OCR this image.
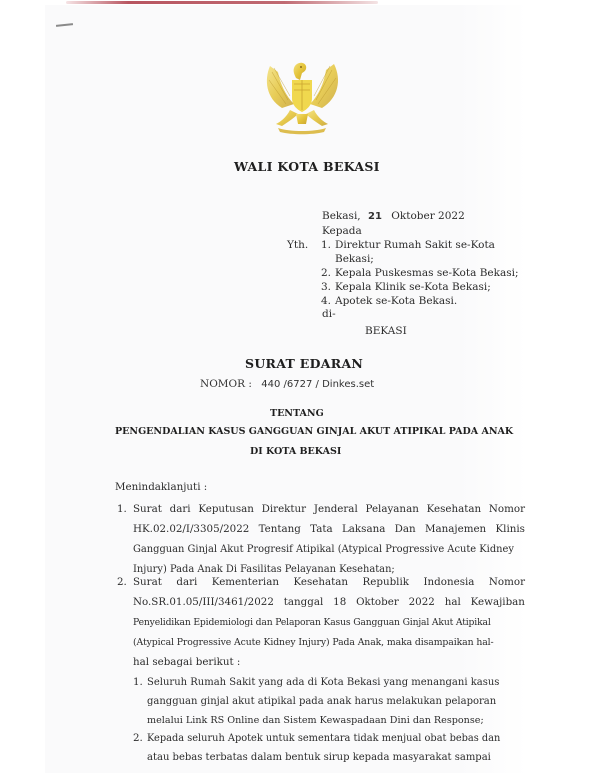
WALI KOTA BEKASI
Bekasi, 21 Oktober 2022
Kepada
Yth. 1. Direktur Rumah Sakit se-Kota
Bekasi;
2. Kepala Puskesmas se-Kota Bekasi;
3. Kepala Klinik se-Kota Bekasi;
4. Apotek se-Kota Bekasi.
di-
BEKASI
SURAT EDARAN
NOMOR : 440 /6727 / Dinkes.set
TENTANG
PENGENDALIAN KASUS GANGGUAN GINJAL AKUT ATIPIKAL PADA ANAK
DI KOTA BEKASI
Menindaklanjuti :
1. Surat dari Keputusan Direktur Jenderal Pelayanan Kesehatan Nomor
HK.02.02/I/3305/2022 Tentang Tata Laksana Dan Manajemen Klinis
Gangguan Ginjal Akut Progresif Atipikal (Atypical Progressive Acute Kidney
Injury) Pada Anak Di Fasilitas Pelayanan Kesehatan;
2. Surat dari Kementerian Kesehatan Republik Indonesia Nomor
No.SR.01.05/III/3461/2022 tanggal 18 Oktober 2022 hal Kewajiban
Penyelidikan Epidemiologi dan Pelaporan Kasus Gangguan Ginjal Akut Atipikal
(Atypical Progressive Acute Kidney Injury) Pada Anak, maka disampaikan hal-
hal sebagai berikut :
1. Seluruh Rumah Sakit yang ada di Kota Bekasi yang menangani kasus
gangguan ginjal akut atipikal pada anak harus melakukan pelaporan
melalui Link RS Online dan Sistem Kewaspadaan Dini dan Response;
2. Kepada seluruh Apotek untuk sementara tidak menjual obat bebas dan
atau bebas terbatas dalam bentuk sirup kepada masyarakat sampai
